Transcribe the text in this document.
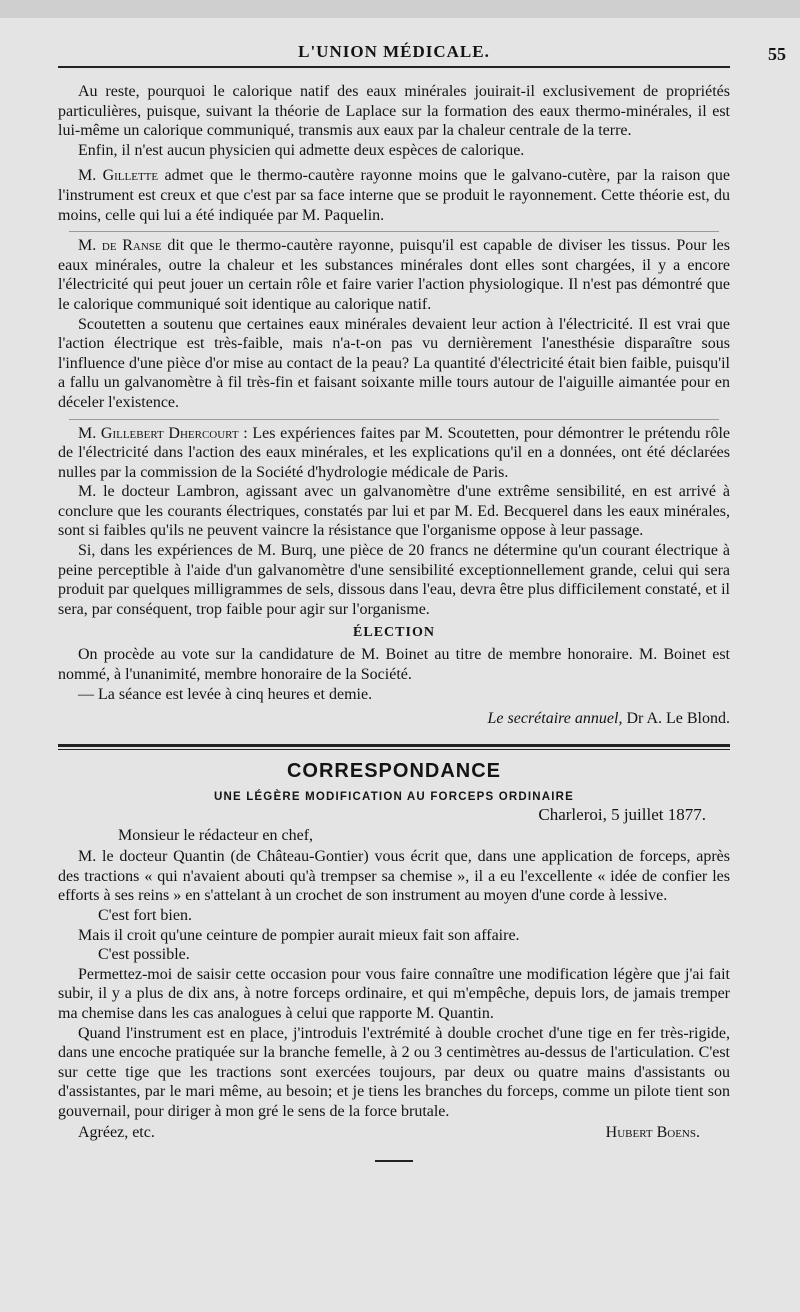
L'UNION MÉDICALE.	55

Au reste, pourquoi le calorique natif des eaux minérales jouirait-il exclusivement de propriétés particulières, puisque, suivant la théorie de Laplace sur la formation des eaux thermo-minérales, il est lui-même un calorique communiqué, transmis aux eaux par la chaleur centrale de la terre.

Enfin, il n'est aucun physicien qui admette deux espèces de calorique.

M. Gillette admet que le thermo-cautère rayonne moins que le galvano-cutère, par la raison que l'instrument est creux et que c'est par sa face interne que se produit le rayonnement. Cette théorie est, du moins, celle qui lui a été indiquée par M. Paquelin.

M. de Ranse dit que le thermo-cautère rayonne, puisqu'il est capable de diviser les tissus. Pour les eaux minérales, outre la chaleur et les substances minérales dont elles sont chargées, il y a encore l'électricité qui peut jouer un certain rôle et faire varier l'action physiologique. Il n'est pas démontré que le calorique communiqué soit identique au calorique natif.

Scoutetten a soutenu que certaines eaux minérales devaient leur action à l'électricité. Il est vrai que l'action électrique est très-faible, mais n'a-t-on pas vu dernièrement l'anesthésie disparaître sous l'influence d'une pièce d'or mise au contact de la peau? La quantité d'électricité était bien faible, puisqu'il a fallu un galvanomètre à fil très-fin et faisant soixante mille tours autour de l'aiguille aimantée pour en déceler l'existence.

M. Gillebert Dhercourt : Les expériences faites par M. Scoutetten, pour démontrer le prétendu rôle de l'électricité dans l'action des eaux minérales, et les explications qu'il en a données, ont été déclarées nulles par la commission de la Société d'hydrologie médicale de Paris.

M. le docteur Lambron, agissant avec un galvanomètre d'une extrême sensibilité, en est arrivé à conclure que les courants électriques, constatés par lui et par M. Ed. Becquerel dans les eaux minérales, sont si faibles qu'ils ne peuvent vaincre la résistance que l'organisme oppose à leur passage.

Si, dans les expériences de M. Burq, une pièce de 20 francs ne détermine qu'un courant électrique à peine perceptible à l'aide d'un galvanomètre d'une sensibilité exceptionnellement grande, celui qui sera produit par quelques milligrammes de sels, dissous dans l'eau, devra être plus difficilement constaté, et il sera, par conséquent, trop faible pour agir sur l'organisme.

ÉLECTION

On procède au vote sur la candidature de M. Boinet au titre de membre honoraire. M. Boinet est nommé, à l'unanimité, membre honoraire de la Société.

— La séance est levée à cinq heures et demie.

Le secrétaire annuel, Dr A. Le Blond.
CORRESPONDANCE
UNE LÉGÈRE MODIFICATION AU FORCEPS ORDINAIRE
Charleroi, 5 juillet 1877.
Monsieur le rédacteur en chef,

M. le docteur Quantin (de Château-Gontier) vous écrit que, dans une application de forceps, après des tractions « qui n'avaient abouti qu'à trempser sa chemise », il a eu l'excellente « idée de confier les efforts à ses reins » en s'attelant à un crochet de son instrument au moyen d'une corde à lessive.

C'est fort bien.

Mais il croit qu'une ceinture de pompier aurait mieux fait son affaire.

C'est possible.

Permettez-moi de saisir cette occasion pour vous faire connaître une modification légère que j'ai fait subir, il y a plus de dix ans, à notre forceps ordinaire, et qui m'empêche, depuis lors, de jamais tremper ma chemise dans les cas analogues à celui que rapporte M. Quantin.

Quand l'instrument est en place, j'introduis l'extrémité à double crochet d'une tige en fer très-rigide, dans une encoche pratiquée sur la branche femelle, à 2 ou 3 centimètres au-dessus de l'articulation. C'est sur cette tige que les tractions sont exercées toujours, par deux ou quatre mains d'assistants ou d'assistantes, par le mari même, au besoin; et je tiens les branches du forceps, comme un pilote tient son gouvernail, pour diriger à mon gré le sens de la force brutale.

Agréez, etc.	Hubert Boens.
